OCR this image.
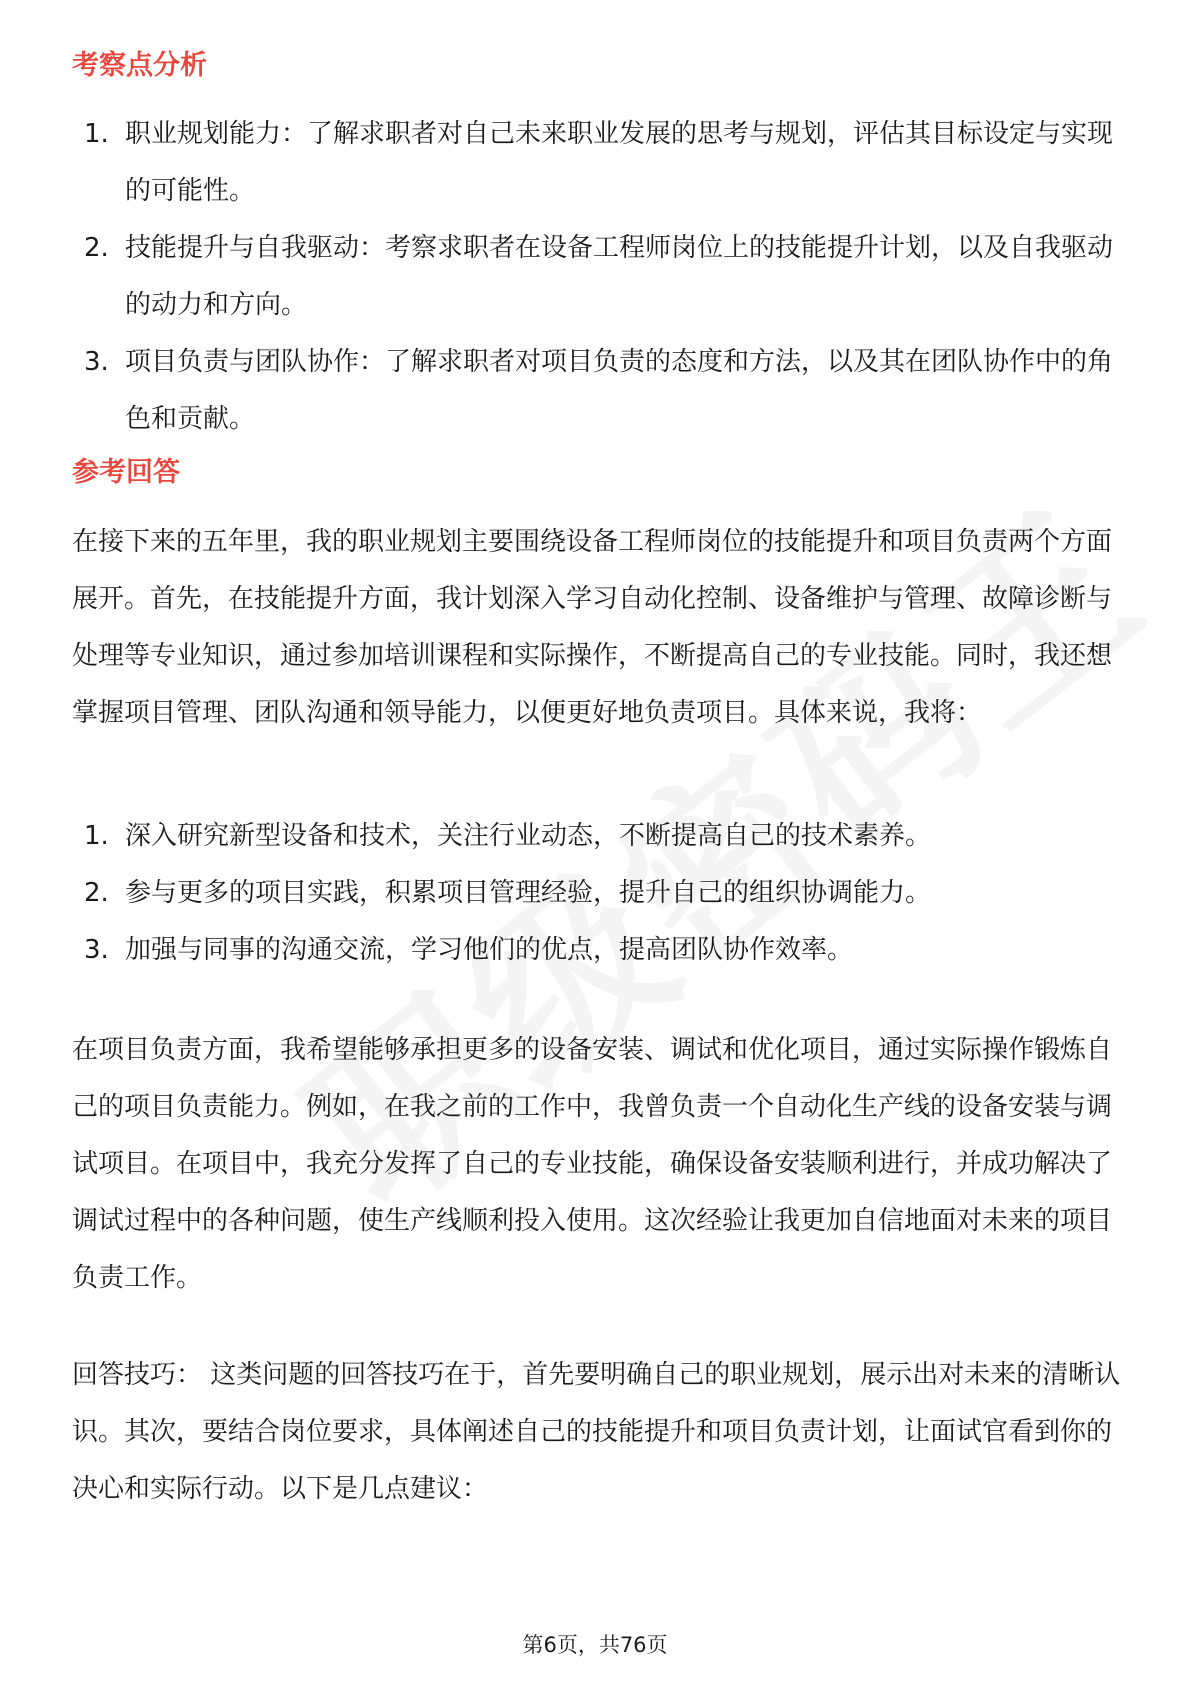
考察点分析
1. 职业规划能力：了解求职者对自己未来职业发展的思考与规划，评估其目标设定与实现的可能性。
2. 技能提升与自我驱动：考察求职者在设备工程师岗位上的技能提升计划，以及自我驱动的动力和方向。
3. 项目负责与团队协作：了解求职者对项目负责的态度和方法，以及其在团队协作中的角色和贡献。
参考回答

在接下来的五年里，我的职业规划主要围绕设备工程师岗位的技能提升和项目负责两个方面展开。首先，在技能提升方面，我计划深入学习自动化控制、设备维护与管理、故障诊断与处理等专业知识，通过参加培训课程和实际操作，不断提高自己的专业技能。同时，我还想掌握项目管理、团队沟通和领导能力，以便更好地负责项目。具体来说，我将：

1. 深入研究新型设备和技术，关注行业动态，不断提高自己的技术素养。
2. 参与更多的项目实践，积累项目管理经验，提升自己的组织协调能力。
3. 加强与同事的沟通交流，学习他们的优点，提高团队协作效率。

在项目负责方面，我希望能够承担更多的设备安装、调试和优化项目，通过实际操作锻炼自己的项目负责能力。例如，在我之前的工作中，我曾负责一个自动化生产线的设备安装与调试项目。在项目中，我充分发挥了自己的专业技能，确保设备安装顺利进行，并成功解决了调试过程中的各种问题，使生产线顺利投入使用。这次经验让我更加自信地面对未来的项目负责工作。

回答技巧： 这类问题的回答技巧在于，首先要明确自己的职业规划，展示出对未来的清晰认识。其次，要结合岗位要求，具体阐述自己的技能提升和项目负责计划，让面试官看到你的决心和实际行动。以下是几点建议：

第6页，共76页
